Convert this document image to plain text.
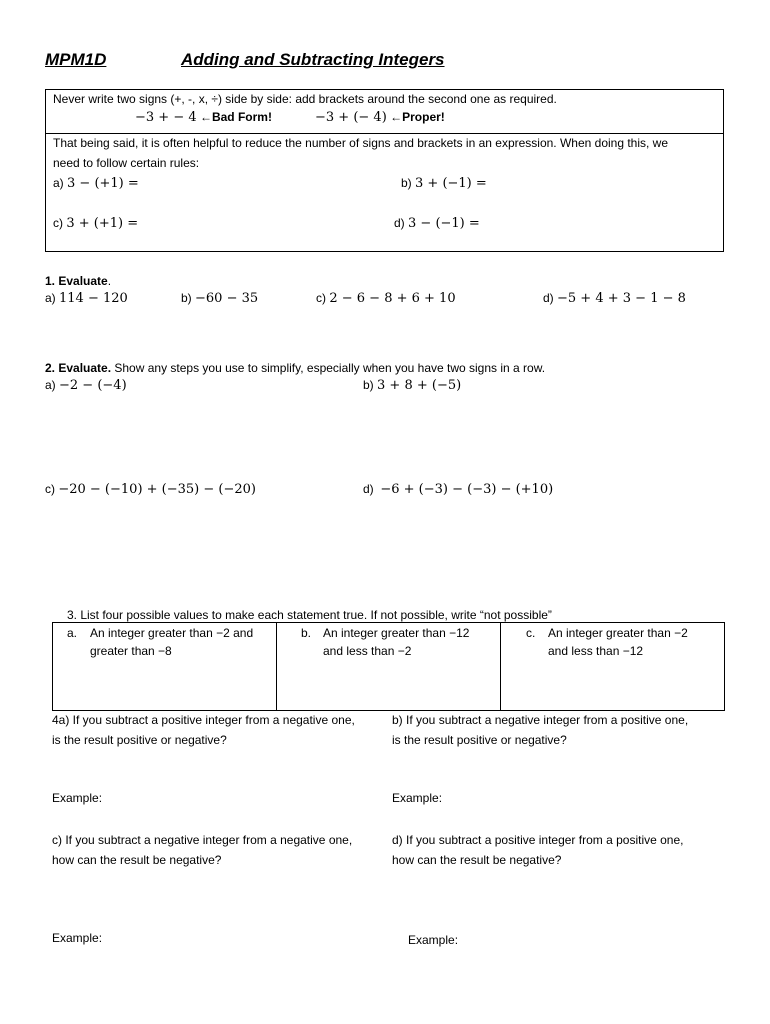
MPM1D	Adding and Subtracting Integers
Never write two signs (+, -, x, ÷) side by side: add brackets around the second one as required.
−3 + − 4 ←Bad Form!	−3 + (− 4) ←Proper!
That being said, it is often helpful to reduce the number of signs and brackets in an expression. When doing this, we
need to follow certain rules:
a) 3 − (+1) =	b) 3 + (−1) =
c) 3 + (+1) =	d) 3 − (−1) =
1. Evaluate.
a) 114 − 120	b) −60 − 35	c) 2 − 6 − 8 + 6 + 10	d) −5 + 4 + 3 − 1 − 8
2. Evaluate. Show any steps you use to simplify, especially when you have two signs in a row.
a) −2 − (−4)	b) 3 + 8 + (−5)
c) −20 − (−10) + (−35) − (−20)	d) −6 + (−3) − (−3) − (+10)
3. List four possible values to make each statement true. If not possible, write “not possible”
a. An integer greater than −2 and
greater than −8
b. An integer greater than −12
and less than −2
c. An integer greater than −2
and less than −12
4a) If you subtract a positive integer from a negative one,
is the result positive or negative?
b) If you subtract a negative integer from a positive one,
is the result positive or negative?
Example:	Example:
c) If you subtract a negative integer from a negative one,
how can the result be negative?
d) If you subtract a positive integer from a positive one,
how can the result be negative?
Example:	Example:
